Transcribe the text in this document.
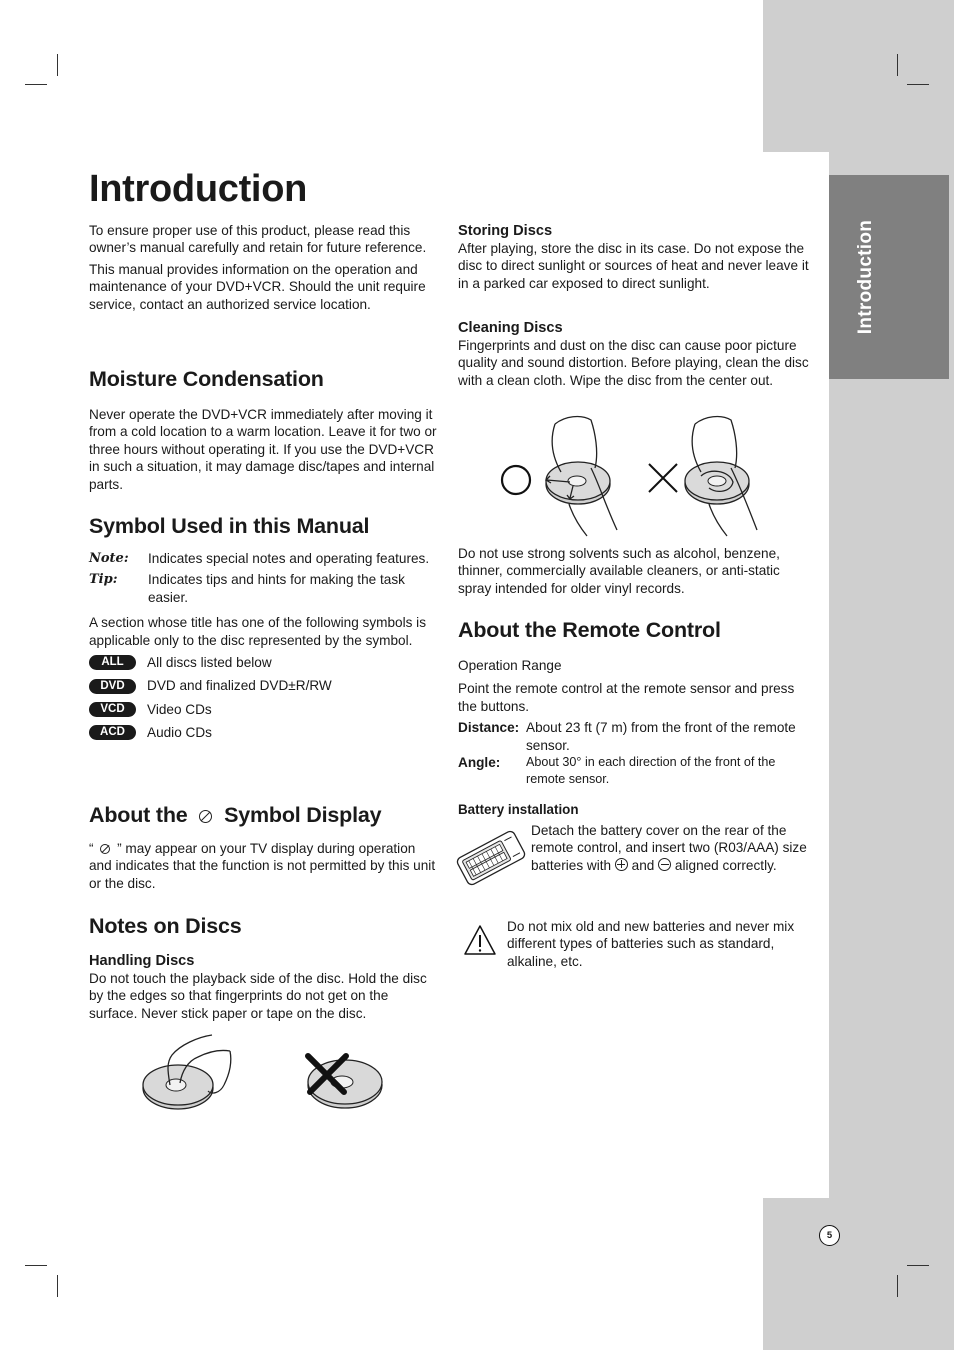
Introduction
Introduction

To ensure proper use of this product, please read this owner’s manual carefully and retain for future reference.

This manual provides information on the operation and maintenance of your DVD+VCR. Should the unit require service, contact an authorized service location.

Moisture Condensation

Never operate the DVD+VCR immediately after moving it from a cold location to a warm location. Leave it for two or three hours without operating it. If you use the DVD+VCR in such a situation, it may damage disc/tapes and internal parts.

Symbol Used in this Manual
Note:	Indicates special notes and operating features.
Tip:	Indicates tips and hints for making the task easier.

A section whose title has one of the following symbols is applicable only to the disc represented by the symbol.

ALL	All discs listed below
DVD	DVD and finalized DVD±R/RW
VCD	Video CDs
ACD	Audio CDs
About the Symbol Display

“ ” may appear on your TV display during operation and indicates that the function is not permitted by this unit or the disc.

Notes on Discs
Handling Discs

Do not touch the playback side of the disc. Hold the disc by the edges so that fingerprints do not get on the surface. Never stick paper or tape on the disc.

Storing Discs

After playing, store the disc in its case. Do not expose the disc to direct sunlight or sources of heat and never leave it in a parked car exposed to direct sunlight.

Cleaning Discs

Fingerprints and dust on the disc can cause poor picture quality and sound distortion. Before playing, clean the disc with a clean cloth. Wipe the disc from the center out.

Do not use strong solvents such as alcohol, benzene, thinner, commercially available cleaners, or anti-static spray intended for older vinyl records.

About the Remote Control

Operation Range

Point the remote control at the remote sensor and press the buttons.

Distance: About 23 ft (7 m) from the front of the remote sensor.
Angle:	About 30° in each direction of the front of the remote sensor.
Battery installation

Detach the battery cover on the rear of the remote control, and insert two (R03/AAA) size batteries with and aligned correctly.

Do not mix old and new batteries and never mix different types of batteries such as standard, alkaline, etc.

5
